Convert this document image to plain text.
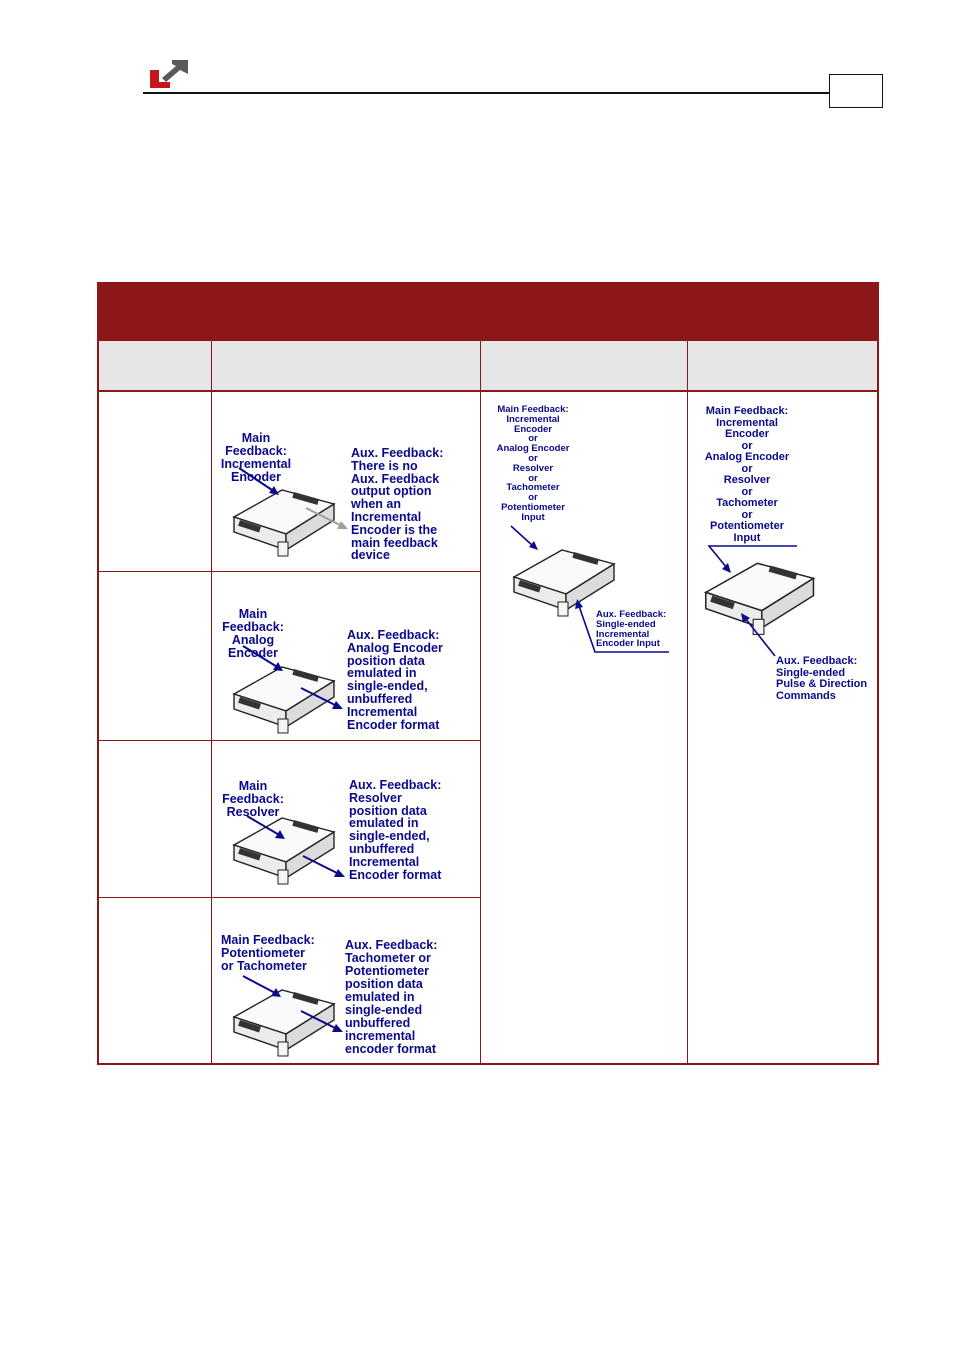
Main
Feedback:
Incremental
Encoder
Aux. Feedback:
There is no
Aux. Feedback
output option
when an
Incremental
Encoder is the
main feedback
device
Main
Feedback:
Analog
Encoder
Aux. Feedback:
Analog Encoder
position data
emulated in
single-ended,
unbuffered
Incremental
Encoder format
Main
Feedback:
Resolver
Aux. Feedback:
Resolver
position data
emulated in
single-ended,
unbuffered
Incremental
Encoder format
Main Feedback:
Potentiometer
or Tachometer
Aux. Feedback:
Tachometer or
Potentiometer
position data
emulated in
single-ended
unbuffered
incremental
encoder format
Main Feedback:
Incremental
Encoder
or
Analog Encoder
or
Resolver
or
Tachometer
or
Potentiometer
Input
Aux. Feedback:
Single-ended
Incremental
Encoder Input
Main Feedback:
Incremental
Encoder
or
Analog Encoder
or
Resolver
or
Tachometer
or
Potentiometer
Input
Aux. Feedback:
Single-ended
Pulse & Direction
Commands
